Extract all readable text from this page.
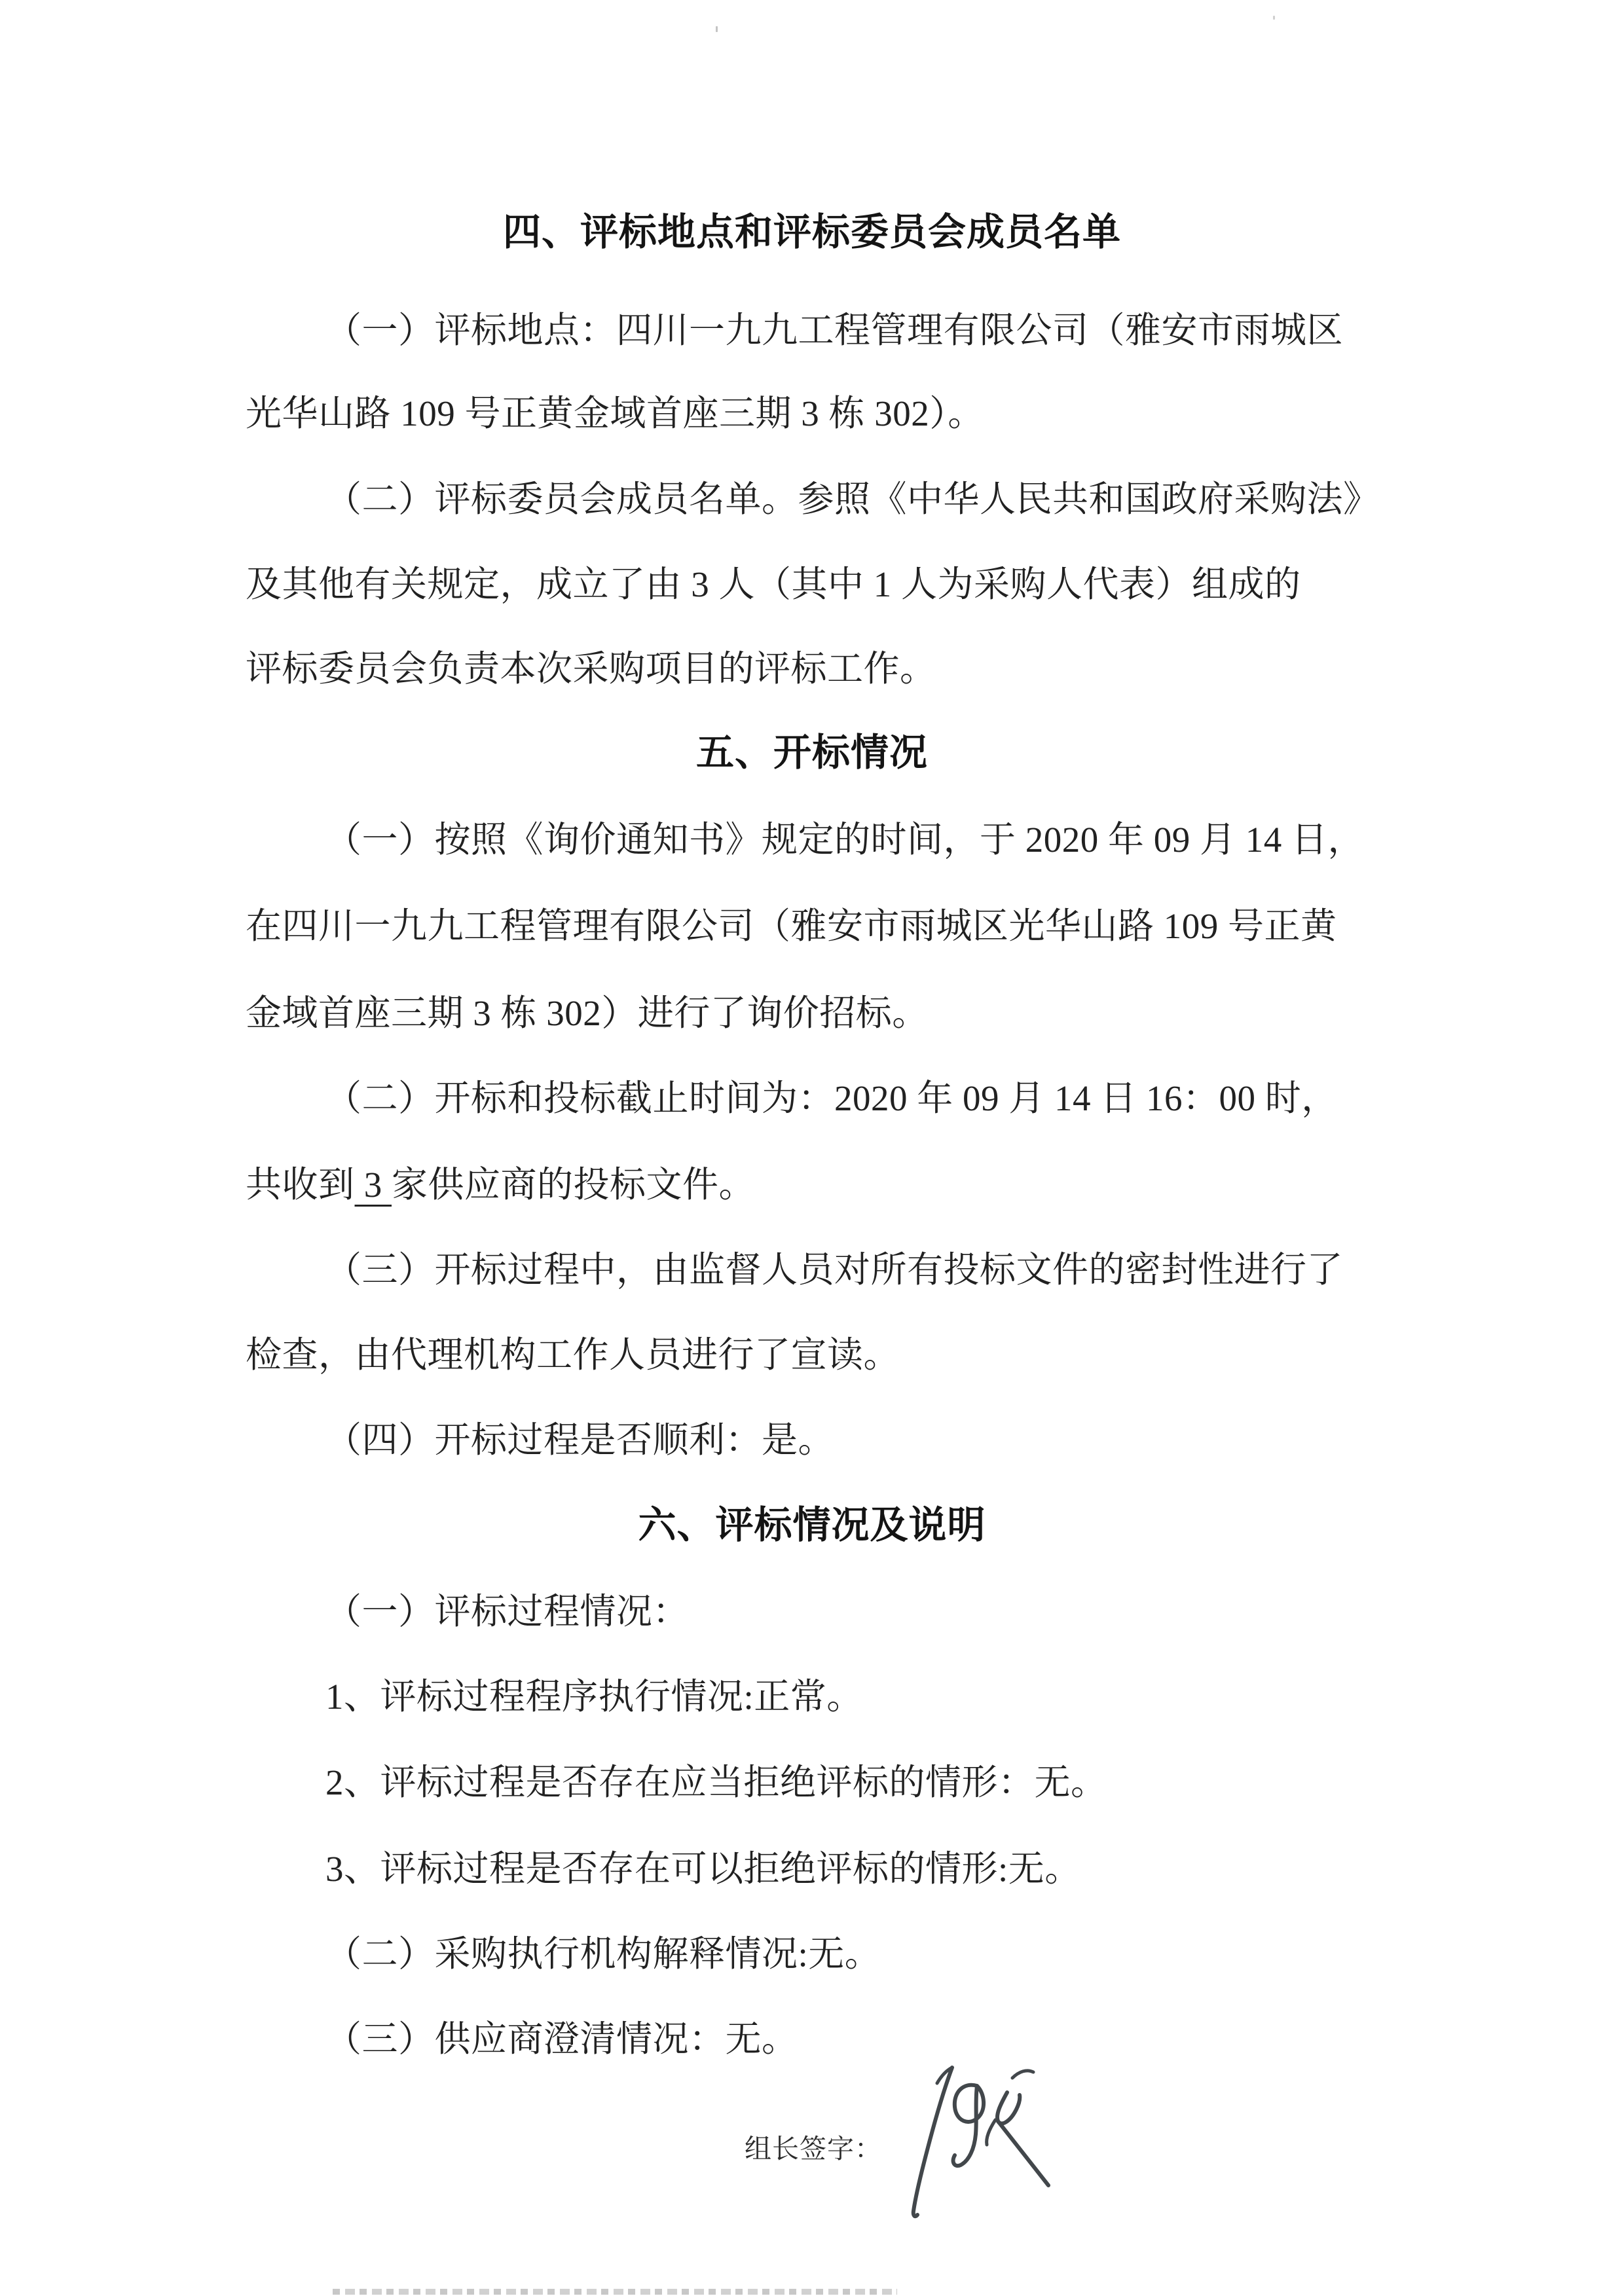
四、评标地点和评标委员会成员名单
（一）评标地点：四川一九九工程管理有限公司（雅安市雨城区
光华山路 109 号正黄金域首座三期 3 栋 302）。
（二）评标委员会成员名单。参照《中华人民共和国政府采购法》
及其他有关规定，成立了由 3 人（其中 1 人为采购人代表）组成的
评标委员会负责本次采购项目的评标工作。
五、开标情况
（一）按照《询价通知书》规定的时间，于 2020 年 09 月 14 日，
在四川一九九工程管理有限公司（雅安市雨城区光华山路 109 号正黄
金域首座三期 3 栋 302）进行了询价招标。
（二）开标和投标截止时间为：2020 年 09 月 14 日 16：00 时，
共收到 3 家供应商的投标文件。
（三）开标过程中，由监督人员对所有投标文件的密封性进行了
检查，由代理机构工作人员进行了宣读。
（四）开标过程是否顺利：是。
六、评标情况及说明
（一）评标过程情况：
1、评标过程程序执行情况:正常。
2、评标过程是否存在应当拒绝评标的情形：无。
3、评标过程是否存在可以拒绝评标的情形:无。
（二）采购执行机构解释情况:无。
（三）供应商澄清情况：无。
组长签字：
